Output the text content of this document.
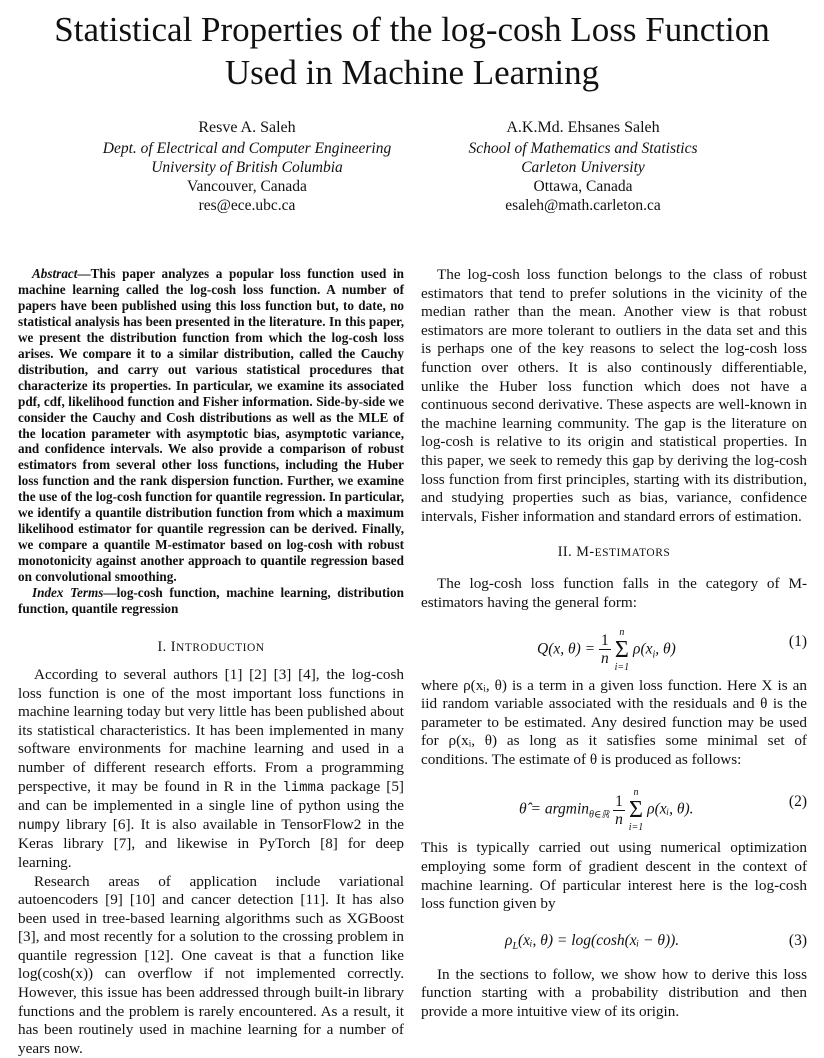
Statistical Properties of the log-cosh Loss Function
Used in Machine Learning
Resve A. Saleh
Dept. of Electrical and Computer Engineering
University of British Columbia
Vancouver, Canada
res@ece.ubc.ca
A.K.Md. Ehsanes Saleh
School of Mathematics and Statistics
Carleton University
Ottawa, Canada
esaleh@math.carleton.ca

Abstract—This paper analyzes a popular loss function used in machine learning called the log-cosh loss function. A number of papers have been published using this loss function but, to date, no statistical analysis has been presented in the literature. In this paper, we present the distribution function from which the log-cosh loss arises. We compare it to a similar distribution, called the Cauchy distribution, and carry out various statistical procedures that characterize its properties. In particular, we examine its associated pdf, cdf, likelihood function and Fisher information. Side-by-side we consider the Cauchy and Cosh distributions as well as the MLE of the location parameter with asymptotic bias, asymptotic variance, and confidence intervals. We also provide a comparison of robust estimators from several other loss functions, including the Huber loss function and the rank dispersion function. Further, we examine the use of the log-cosh function for quantile regression. In particular, we identify a quantile distribution function from which a maximum likelihood estimator for quantile regression can be derived. Finally, we compare a quantile M-estimator based on log-cosh with robust monotonicity against another approach to quantile regression based on convolutional smoothing.

Index Terms—log-cosh function, machine learning, distribution function, quantile regression

I. INTRODUCTION

According to several authors [1] [2] [3] [4], the log-cosh loss function is one of the most important loss functions in machine learning today but very little has been published about its statistical characteristics. It has been implemented in many software environments for machine learning and used in a number of different research efforts. From a programming perspective, it may be found in R in the limma package [5] and can be implemented in a single line of python using the numpy library [6]. It is also available in TensorFlow2 in the Keras library [7], and likewise in PyTorch [8] for deep learning.

Research areas of application include variational autoencoders [9] [10] and cancer detection [11]. It has also been used in tree-based learning algorithms such as XGBoost [3], and most recently for a solution to the crossing problem in quantile regression [12]. One caveat is that a function like log(cosh(x)) can overflow if not implemented correctly. However, this issue has been addressed through built-in library functions and the problem is rarely encountered. As a result, it has been routinely used in machine learning for a number of years now.

The log-cosh loss function belongs to the class of robust estimators that tend to prefer solutions in the vicinity of the median rather than the mean. Another view is that robust estimators are more tolerant to outliers in the data set and this is perhaps one of the key reasons to select the log-cosh loss function over others. It is also continously differentiable, unlike the Huber loss function which does not have a continuous second derivative. These aspects are well-known in the machine learning community. The gap is the literature on log-cosh is relative to its origin and statistical properties. In this paper, we seek to remedy this gap by deriving the log-cosh loss function from first principles, starting with its distribution, and studying properties such as bias, variance, confidence intervals, Fisher information and standard errors of estimation.

II. M-ESTIMATORS

The log-cosh loss function falls in the category of M-estimators having the general form:

Q(x, $\theta) = \frac{1}{n}$
n
Σ
i=1
$\rho(x_i$, θ)	(1)

where ρ(xᵢ, θ) is a term in a given loss function. Here X is an iid random variable associated with the residuals and θ is the parameter to be estimated. Any desired function may be used for ρ(xᵢ, θ) as long as it satisfies some minimal set of conditions. The estimate of θ is produced as follows:

θ̂ = $argmin_{\theta\in ℝ} \frac{1}{n}$
n
Σ
i=1
ρ(xᵢ, θ).	(2)

This is typically carried out using numerical optimization employing some form of gradient descent in the context of machine learning. Of particular interest here is the log-cosh loss function given by

$\rho_L(xᵢ$, θ) = log(cosh(xᵢ − θ)).	(3)

In the sections to follow, we show how to derive this loss function starting with a probability distribution and then provide a more intuitive view of its origin.
